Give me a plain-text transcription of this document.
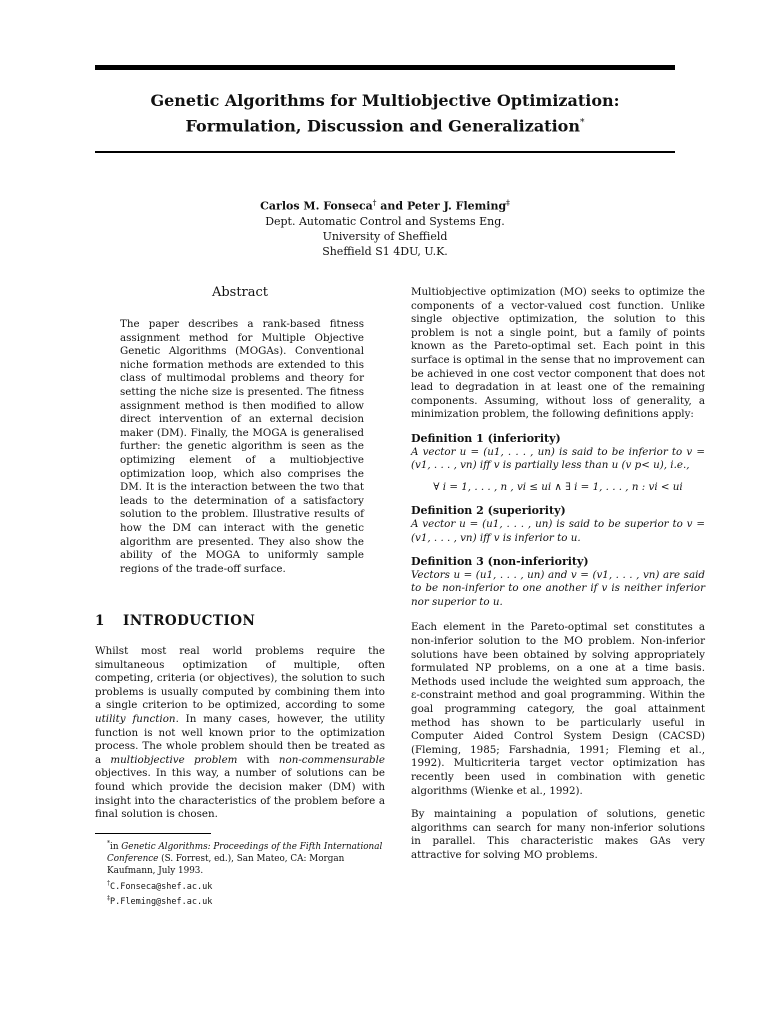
Genetic Algorithms for Multiobjective Optimization:
Formulation, Discussion and Generalization*
Carlos M. Fonseca† and Peter J. Fleming‡
Dept. Automatic Control and Systems Eng.
University of Sheffield
Sheffield S1 4DU, U.K.
Abstract
The paper describes a rank-based fitness assignment method for Multiple Objective Genetic Algorithms (MOGAs). Conventional niche formation methods are extended to this class of multimodal problems and theory for setting the niche size is presented. The fitness assignment method is then modified to allow direct intervention of an external decision maker (DM). Finally, the MOGA is generalised further: the genetic algorithm is seen as the optimizing element of a multiobjective optimization loop, which also comprises the DM. It is the interaction between the two that leads to the determination of a satisfactory solution to the problem. Illustrative results of how the DM can interact with the genetic algorithm are presented. They also show the ability of the MOGA to uniformly sample regions of the trade-off surface.
1 INTRODUCTION
Whilst most real world problems require the simultaneous optimization of multiple, often competing, criteria (or objectives), the solution to such problems is usually computed by combining them into a single criterion to be optimized, according to some utility function. In many cases, however, the utility function is not well known prior to the optimization process. The whole problem should then be treated as a multiobjective problem with non-commensurable objectives. In this way, a number of solutions can be found which provide the decision maker (DM) with insight into the characteristics of the problem before a final solution is chosen.
*in Genetic Algorithms: Proceedings of the Fifth International Conference (S. Forrest, ed.), San Mateo, CA: Morgan Kaufmann, July 1993.
†C.Fonseca@shef.ac.uk
‡P.Fleming@shef.ac.uk
Multiobjective optimization (MO) seeks to optimize the components of a vector-valued cost function. Unlike single objective optimization, the solution to this problem is not a single point, but a family of points known as the Pareto-optimal set. Each point in this surface is optimal in the sense that no improvement can be achieved in one cost vector component that does not lead to degradation in at least one of the remaining components. Assuming, without loss of generality, a minimization problem, the following definitions apply:
Definition 1 (inferiority)
A vector u = (u1, . . . , un) is said to be inferior to v = (v1, . . . , vn) iff v is partially less than u (v p< u), i.e.,
∀ i = 1, . . . , n , vi ≤ ui ∧ ∃ i = 1, . . . , n : vi < ui
Definition 2 (superiority)
A vector u = (u1, . . . , un) is said to be superior to v = (v1, . . . , vn) iff v is inferior to u.
Definition 3 (non-inferiority)
Vectors u = (u1, . . . , un) and v = (v1, . . . , vn) are said to be non-inferior to one another if v is neither inferior nor superior to u.
Each element in the Pareto-optimal set constitutes a non-inferior solution to the MO problem. Non-inferior solutions have been obtained by solving appropriately formulated NP problems, on a one at a time basis. Methods used include the weighted sum approach, the ε-constraint method and goal programming. Within the goal programming category, the goal attainment method has shown to be particularly useful in Computer Aided Control System Design (CACSD) (Fleming, 1985; Farshadnia, 1991; Fleming et al., 1992). Multicriteria target vector optimization has recently been used in combination with genetic algorithms (Wienke et al., 1992).
By maintaining a population of solutions, genetic algorithms can search for many non-inferior solutions in parallel. This characteristic makes GAs very attractive for solving MO problems.
